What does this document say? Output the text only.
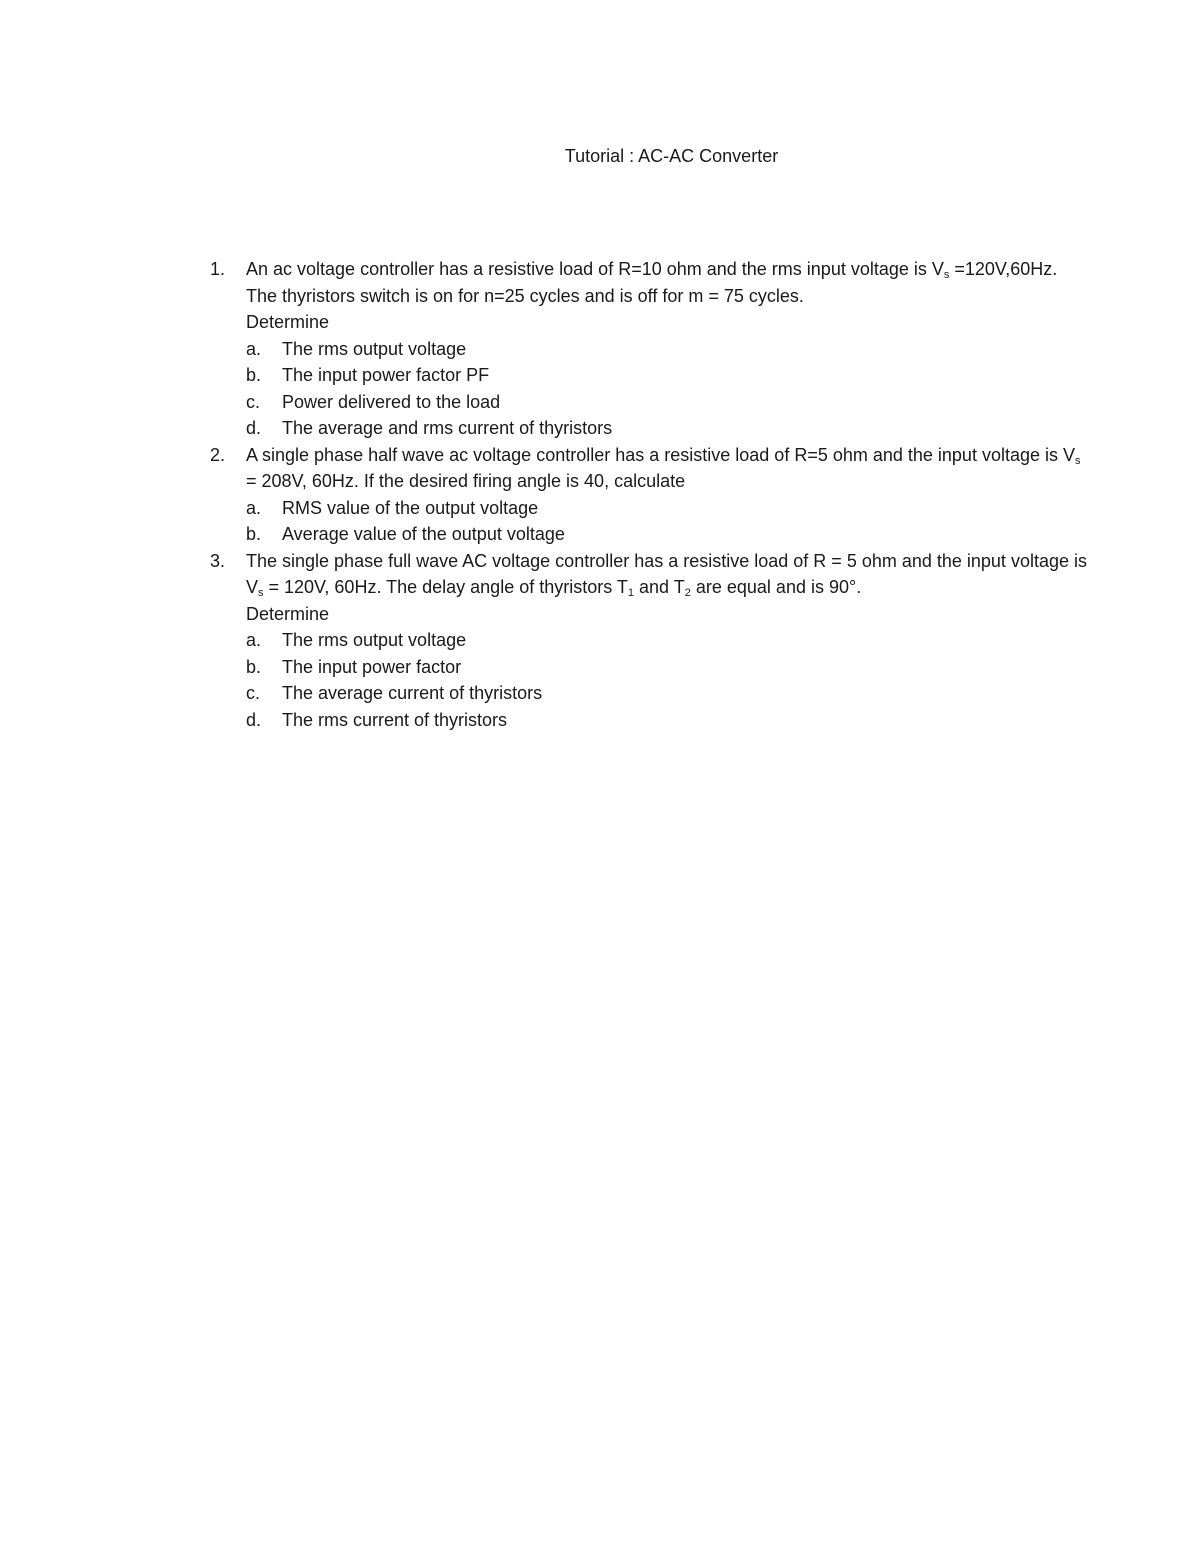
Tutorial : AC-AC Converter
1.	An ac voltage controller has a resistive load of R=10 ohm and the rms input voltage is $V_s =120V,60Hz$. The thyristors switch is on for n=25 cycles and is off for m = 75 cycles.
Determine
a.	The rms output voltage
b.	The input power factor PF
c.	Power delivered to the load
d.	The average and rms current of thyristors
2.	A single phase half wave ac voltage controller has a resistive load of R=5 ohm and the input voltage is $V_s = 208V$, 60Hz. If the desired firing angle is 40, calculate
a.	RMS value of the output voltage
b.	Average value of the output voltage
3.	The single phase full wave AC voltage controller has a resistive load of R = 5 ohm and the input voltage is $V_s = 120V$, 60Hz. The delay angle of thyristors $T_1$ and $T_2$ are equal and is 90°.
Determine
a.	The rms output voltage
b.	The input power factor
c.	The average current of thyristors
d.	The rms current of thyristors
